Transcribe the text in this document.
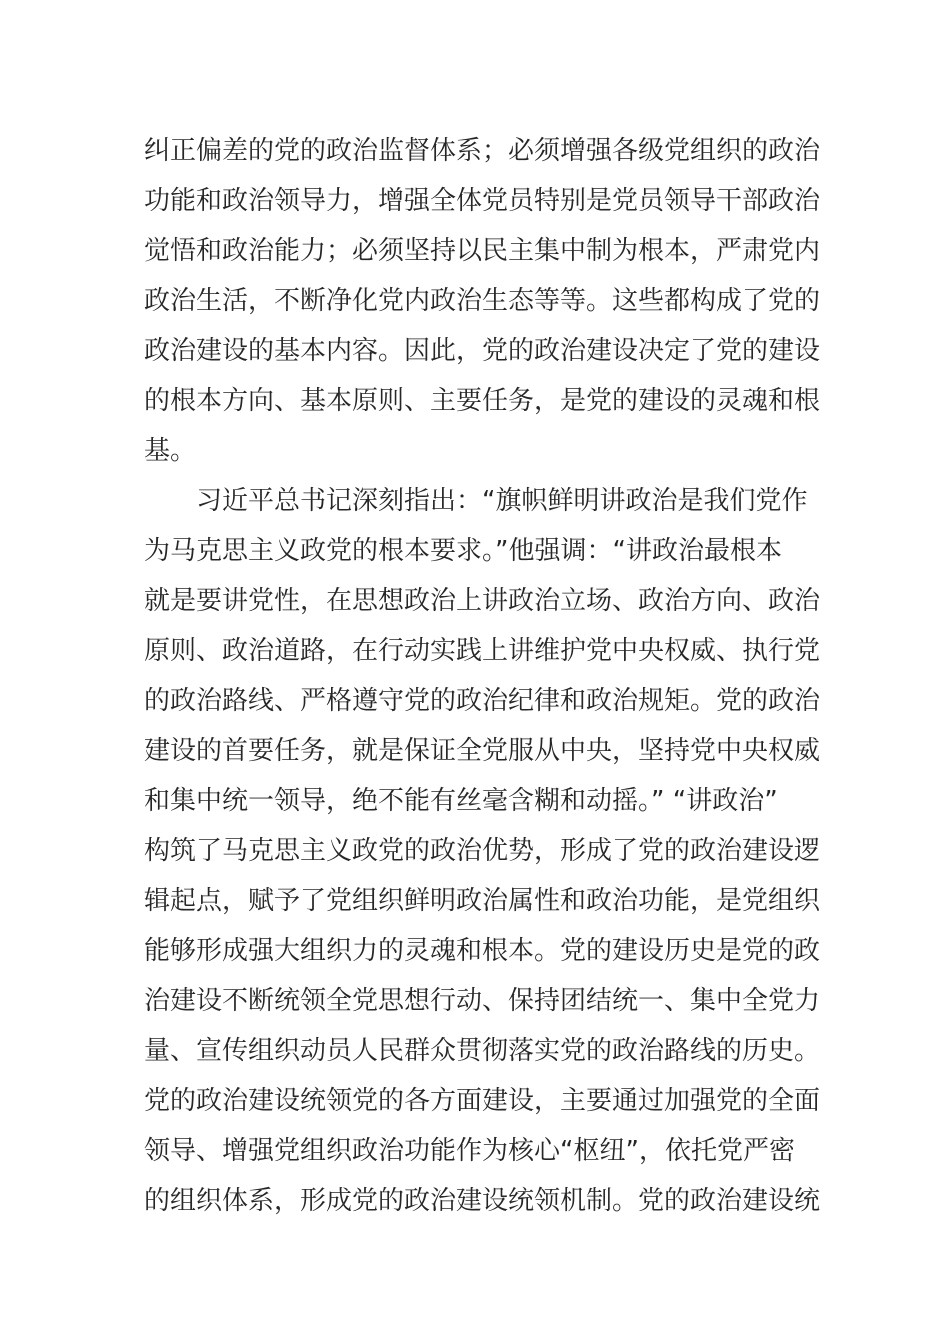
纠正偏差的党的政治监督体系；必须增强各级党组织的政治
功能和政治领导力，增强全体党员特别是党员领导干部政治
觉悟和政治能力；必须坚持以民主集中制为根本，严肃党内
政治生活，不断净化党内政治生态等等。这些都构成了党的
政治建设的基本内容。因此，党的政治建设决定了党的建设
的根本方向、基本原则、主要任务，是党的建设的灵魂和根
基。
习近平总书记深刻指出：“旗帜鲜明讲政治是我们党作
为马克思主义政党的根本要求。”他强调：“讲政治最根本
就是要讲党性，在思想政治上讲政治立场、政治方向、政治
原则、政治道路，在行动实践上讲维护党中央权威、执行党
的政治路线、严格遵守党的政治纪律和政治规矩。党的政治
建设的首要任务，就是保证全党服从中央，坚持党中央权威
和集中统一领导，绝不能有丝毫含糊和动摇。” “讲政治”
构筑了马克思主义政党的政治优势，形成了党的政治建设逻
辑起点，赋予了党组织鲜明政治属性和政治功能，是党组织
能够形成强大组织力的灵魂和根本。党的建设历史是党的政
治建设不断统领全党思想行动、保持团结统一、集中全党力
量、宣传组织动员人民群众贯彻落实党的政治路线的历史。
党的政治建设统领党的各方面建设，主要通过加强党的全面
领导、增强党组织政治功能作为核心“枢纽”，依托党严密
的组织体系，形成党的政治建设统领机制。党的政治建设统
